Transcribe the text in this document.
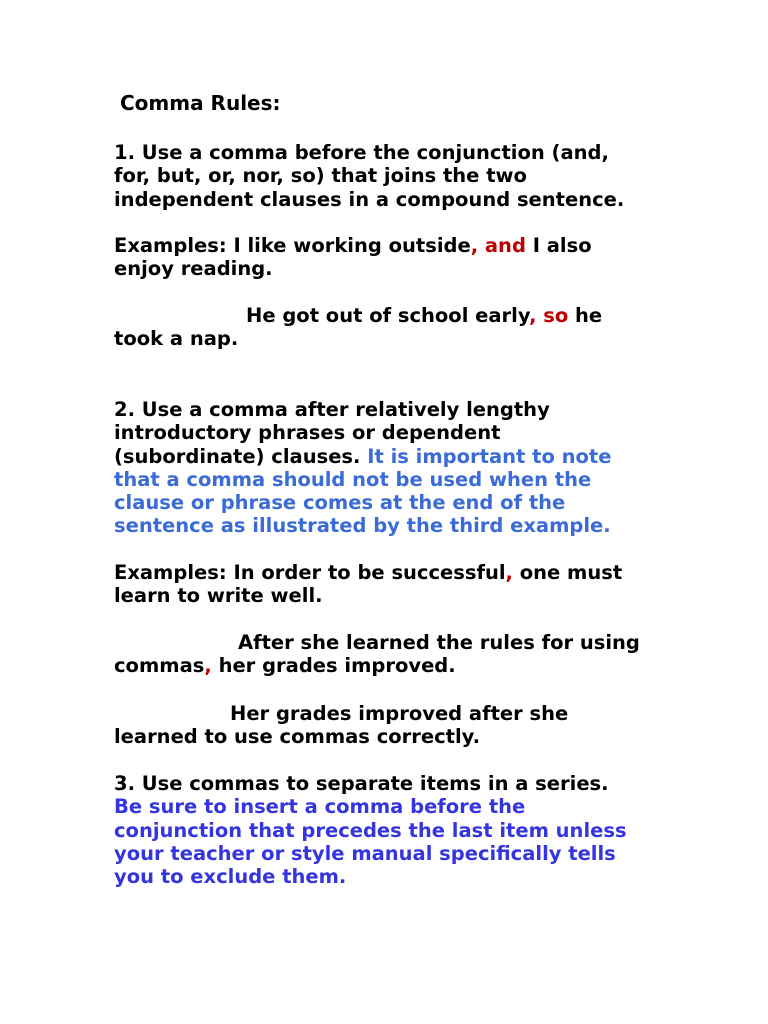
Comma Rules:

1. Use a comma before the conjunction (and,
for, but, or, nor, so) that joins the two
independent clauses in a compound sentence.

Examples: I like working outside, and I also
enjoy reading.

He got out of school early, so he
took a nap.

2. Use a comma after relatively lengthy
introductory phrases or dependent
(subordinate) clauses. It is important to note
that a comma should not be used when the
clause or phrase comes at the end of the
sentence as illustrated by the third example.

Examples: In order to be successful, one must
learn to write well.

After she learned the rules for using
commas, her grades improved.

Her grades improved after she
learned to use commas correctly.

3. Use commas to separate items in a series.
Be sure to insert a comma before the
conjunction that precedes the last item unless
your teacher or style manual specifically tells
you to exclude them.
